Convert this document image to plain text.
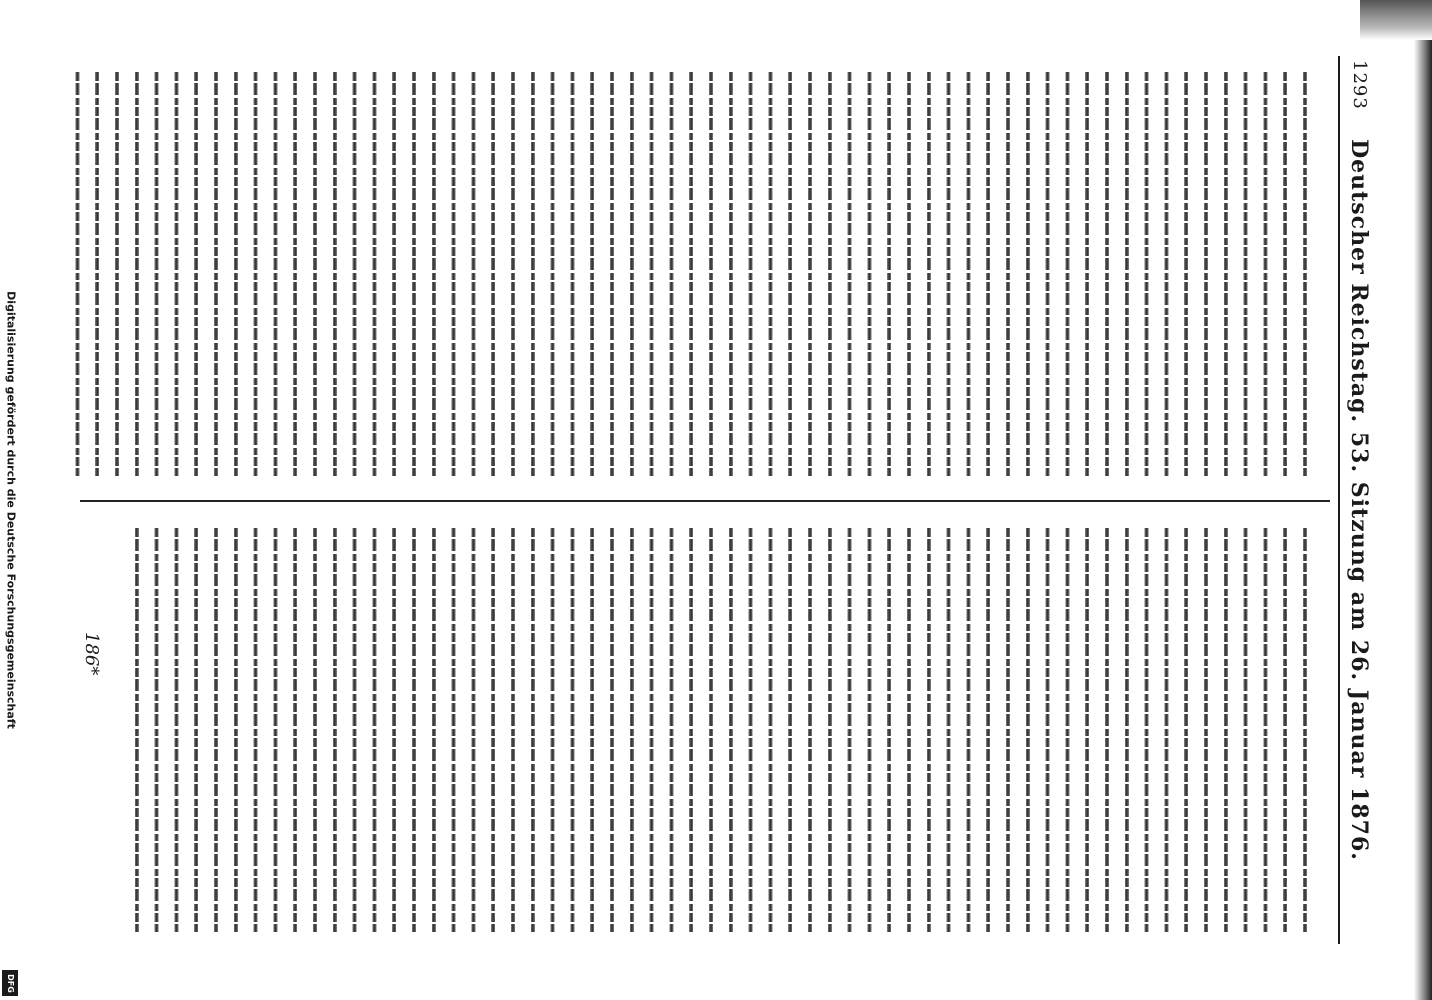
1293
Deutscher Reichstag. 53. Sitzung am 26. Januar 1876.
186*
Digitalisierung gefördert durch die Deutsche Forschungsgemeinschaft
DFG
